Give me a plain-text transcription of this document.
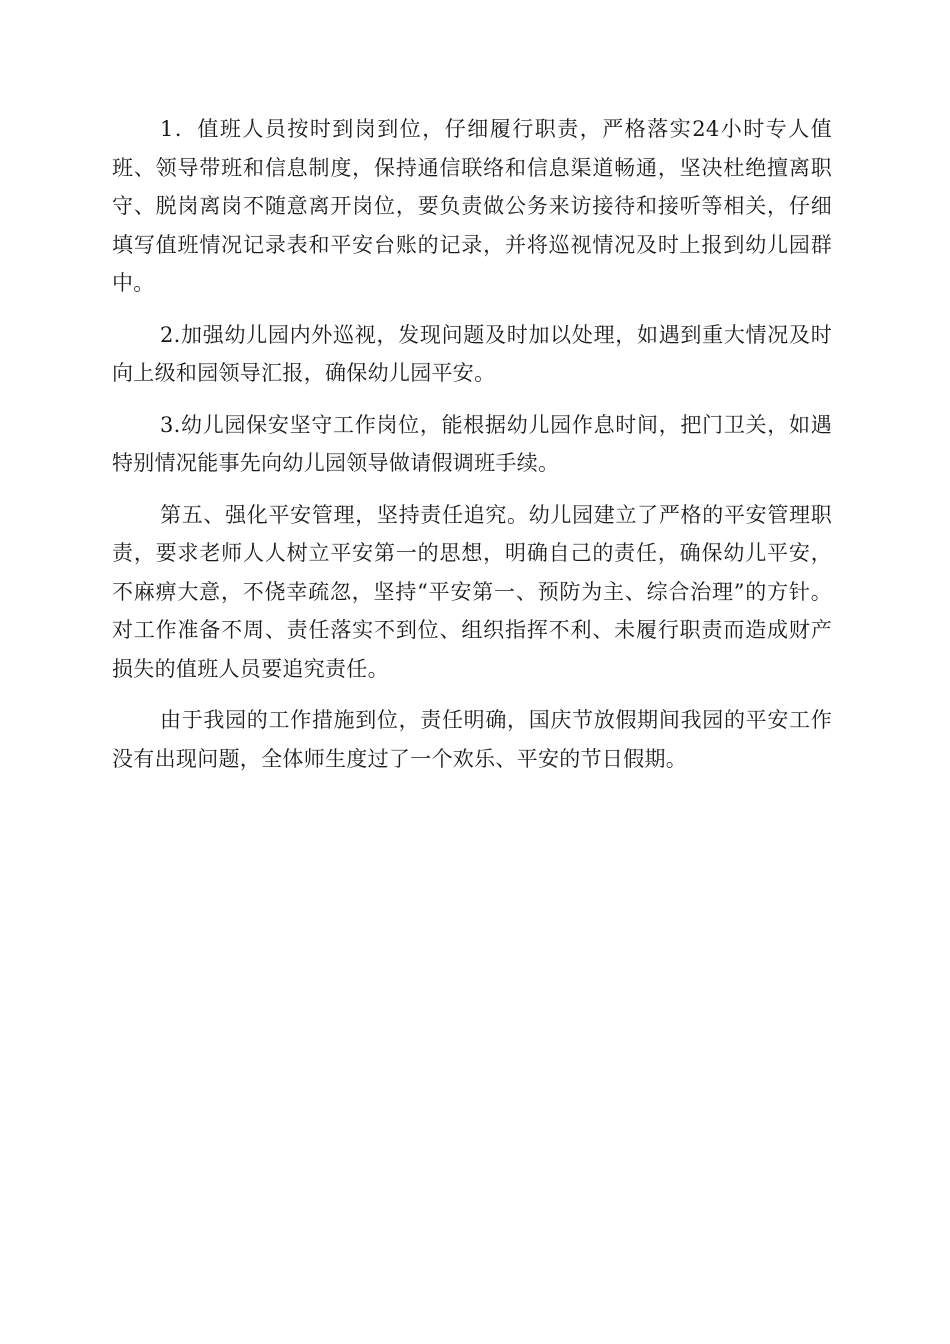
1．值班人员按时到岗到位，仔细履行职责，严格落实24小时专人值班、领导带班和信息制度，保持通信联络和信息渠道畅通，坚决杜绝擅离职守、脱岗离岗不随意离开岗位，要负责做公务来访接待和接听等相关，仔细填写值班情况记录表和平安台账的记录，并将巡视情况及时上报到幼儿园群中。

2.加强幼儿园内外巡视，发现问题及时加以处理，如遇到重大情况及时向上级和园领导汇报，确保幼儿园平安。

3.幼儿园保安坚守工作岗位，能根据幼儿园作息时间，把门卫关，如遇特别情况能事先向幼儿园领导做请假调班手续。

第五、强化平安管理，坚持责任追究。幼儿园建立了严格的平安管理职责，要求老师人人树立平安第一的思想，明确自己的责任，确保幼儿平安，不麻痹大意，不侥幸疏忽，坚持“平安第一、预防为主、综合治理”的方针。对工作准备不周、责任落实不到位、组织指挥不利、未履行职责而造成财产损失的值班人员要追究责任。

由于我园的工作措施到位，责任明确，国庆节放假期间我园的平安工作没有出现问题，全体师生度过了一个欢乐、平安的节日假期。
